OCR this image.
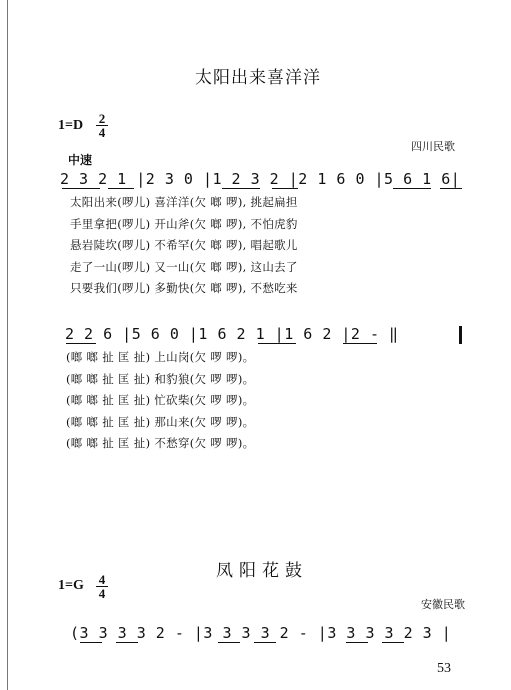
太阳出来喜洋洋
$1=D \frac{2}{4}$
四川民歌
中速
2 3 2 1 |2 3 0 |1 2 3 2 |2 1 6 0 |5 6 1 6|
太阳出来(啰儿) 喜洋洋(欠 啷 啰), 挑起扁担
手里拿把(啰儿) 开山斧(欠 啷 啰), 不怕虎豹
悬岩陡坎(啰儿) 不希罕(欠 啷 啰), 唱起歌儿
走了一山(啰儿) 又一山(欠 啷 啰), 这山去了
只要我们(啰儿) 多勤快(欠 啷 啰), 不愁吃来
2 2 6 |5 6 0 |1 6 2 1 |1 6 2 |2 - ‖
(啷 啷 扯 匡 扯) 上山岗(欠 啰 啰)。
(啷 啷 扯 匡 扯) 和豹狼(欠 啰 啰)。
(啷 啷 扯 匡 扯) 忙砍柴(欠 啰 啰)。
(啷 啷 扯 匡 扯) 那山来(欠 啰 啰)。
(啷 啷 扯 匡 扯) 不愁穿(欠 啰 啰)。
凤阳花鼓
$1=G \frac{4}{4}$
安徽民歌
(3 3 3 3 2 - |3 3 3 3 2 - |3 3 3 3 2 3 |
53
